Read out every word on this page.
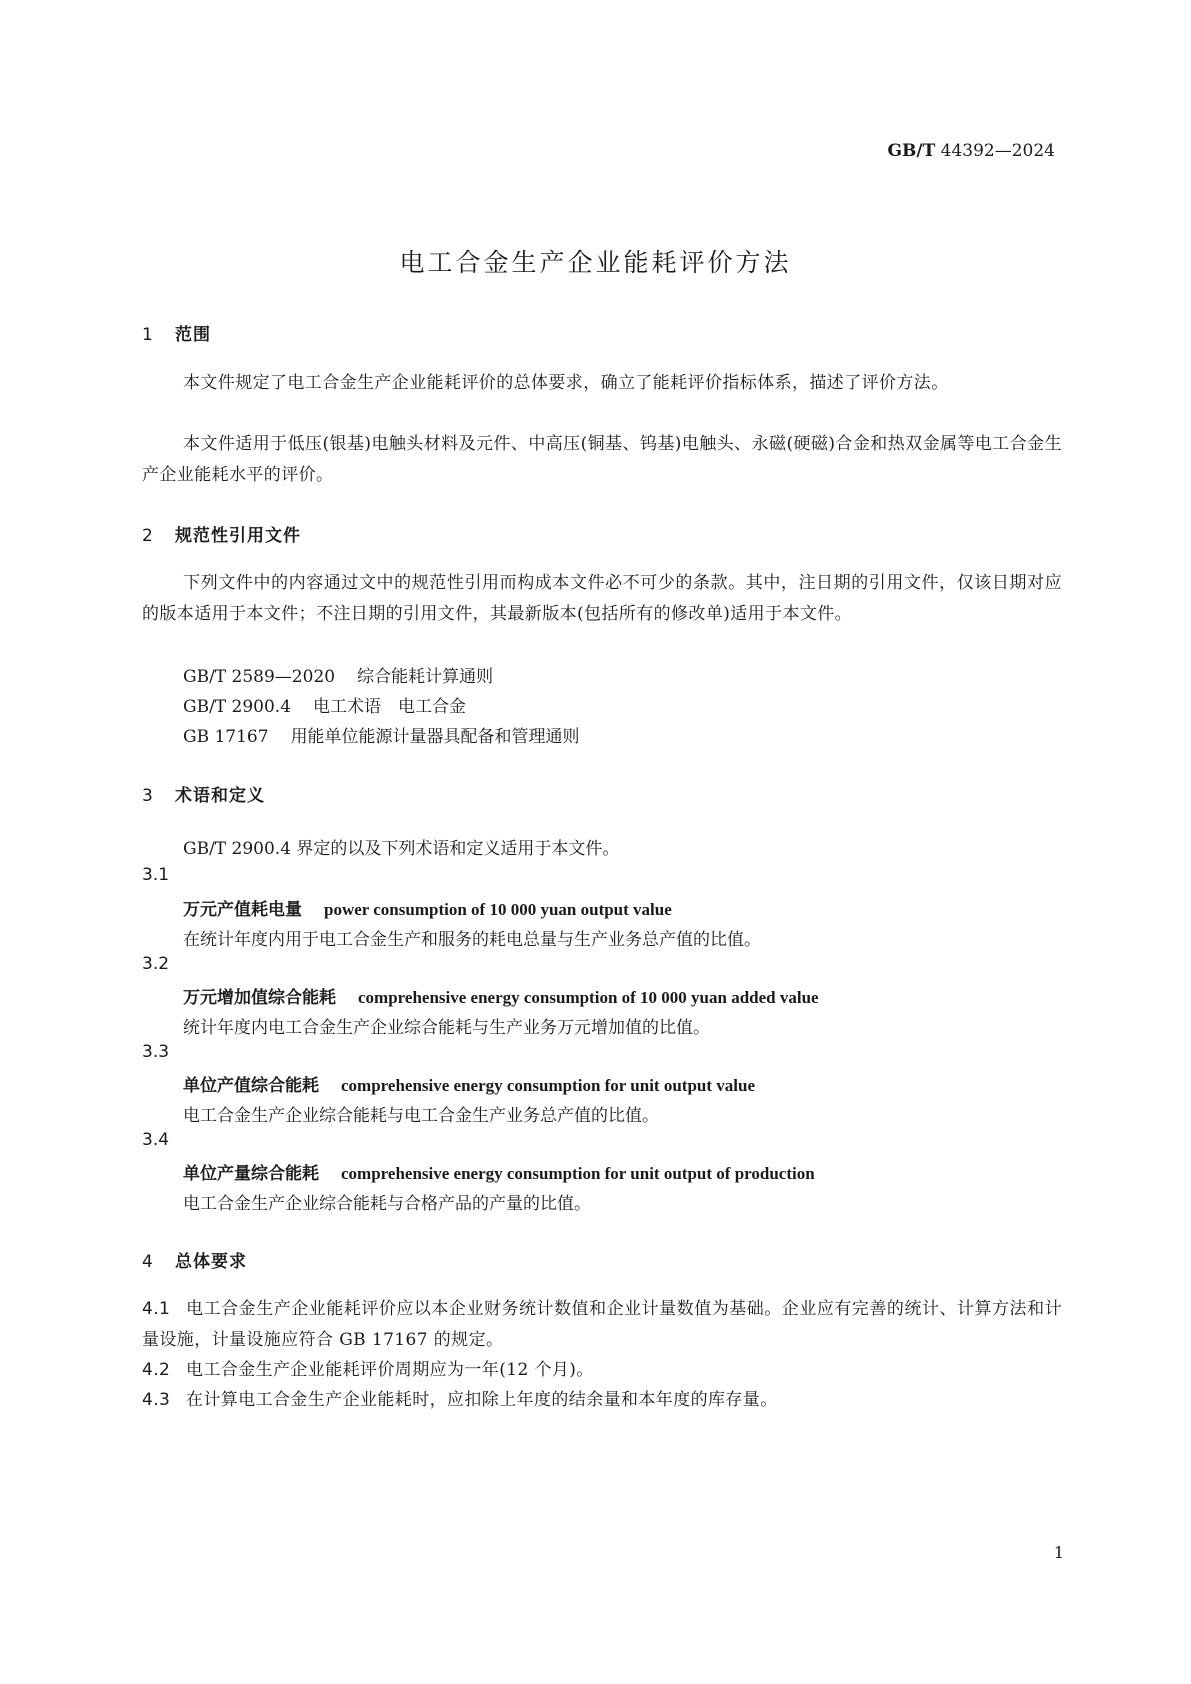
GB/T 44392—2024
电工合金生产企业能耗评价方法
1 范围
本文件规定了电工合金生产企业能耗评价的总体要求，确立了能耗评价指标体系，描述了评价方法。
本文件适用于低压(银基)电触头材料及元件、中高压(铜基、钨基)电触头、永磁(硬磁)合金和热双金属等电工合金生产企业能耗水平的评价。
2 规范性引用文件
下列文件中的内容通过文中的规范性引用而构成本文件必不可少的条款。其中，注日期的引用文件，仅该日期对应的版本适用于本文件；不注日期的引用文件，其最新版本(包括所有的修改单)适用于本文件。
GB/T 2589—2020 综合能耗计算通则
GB/T 2900.4 电工术语　电工合金
GB 17167 用能单位能源计量器具配备和管理通则
3 术语和定义
GB/T 2900.4 界定的以及下列术语和定义适用于本文件。
3.1
万元产值耗电量 power consumption of 10 000 yuan output value
在统计年度内用于电工合金生产和服务的耗电总量与生产业务总产值的比值。
3.2
万元增加值综合能耗 comprehensive energy consumption of 10 000 yuan added value
统计年度内电工合金生产企业综合能耗与生产业务万元增加值的比值。
3.3
单位产值综合能耗 comprehensive energy consumption for unit output value
电工合金生产企业综合能耗与电工合金生产业务总产值的比值。
3.4
单位产量综合能耗 comprehensive energy consumption for unit output of production
电工合金生产企业综合能耗与合格产品的产量的比值。
4 总体要求
4.1 电工合金生产企业能耗评价应以本企业财务统计数值和企业计量数值为基础。企业应有完善的统计、计算方法和计量设施，计量设施应符合 GB 17167 的规定。
4.2 电工合金生产企业能耗评价周期应为一年(12 个月)。
4.3 在计算电工合金生产企业能耗时，应扣除上年度的结余量和本年度的库存量。
1
